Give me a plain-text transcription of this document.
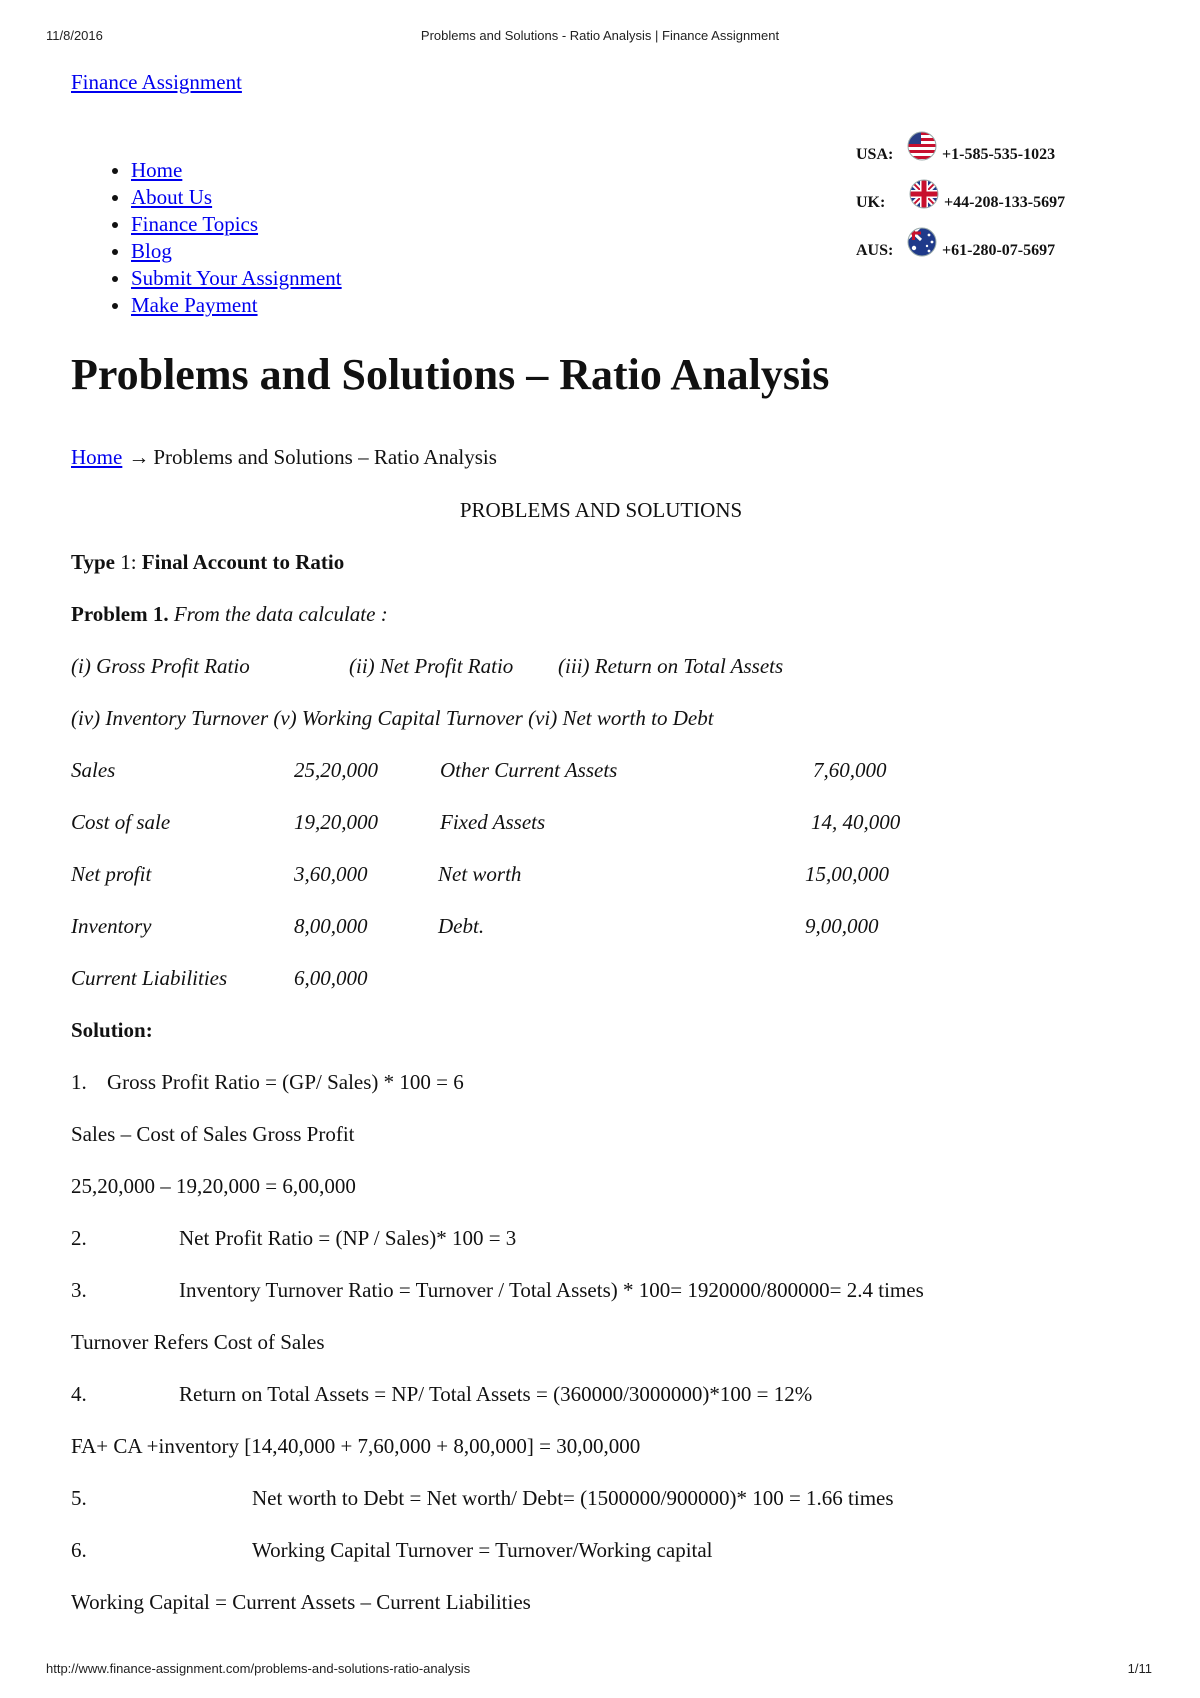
11/8/2016	Problems and Solutions - Ratio Analysis | Finance Assignment
Finance Assignment
• Home
• About Us
• Finance Topics
• Blog
• Submit Your Assignment
• Make Payment
USA:	+1-585-535-1023
UK:	+44-208-133-5697
AUS:	+61-280-07-5697
Problems and Solutions – Ratio Analysis
Home → Problems and Solutions – Ratio Analysis
PROBLEMS AND SOLUTIONS
Type 1: Final Account to Ratio
Problem 1. From the data calculate :
(i) Gross Profit Ratio	(ii) Net Profit Ratio (iii) Return on Total Assets
(iv) Inventory Turnover (v) Working Capital Turnover (vi) Net worth to Debt
Sales	25,20,000	Other Current Assets	7,60,000
Cost of sale	19,20,000	Fixed Assets	14, 40,000
Net profit	3,60,000	Net worth	15,00,000
Inventory	8,00,000	Debt.	9,00,000
Current Liabilities	6,00,000
Solution:
1. Gross Profit Ratio = (GP/ Sales) * 100 = 6
Sales – Cost of Sales Gross Profit
25,20,000 – 19,20,000 = 6,00,000
2.	Net Profit Ratio = (NP / Sales)* 100 = 3
3.	Inventory Turnover Ratio = Turnover / Total Assets) * 100= 1920000/800000= 2.4 times
Turnover Refers Cost of Sales
4.	Return on Total Assets = NP/ Total Assets = (360000/3000000)*100 = 12%
FA+ CA +inventory [14,40,000 + 7,60,000 + 8,00,000] = 30,00,000
5.	Net worth to Debt = Net worth/ Debt= (1500000/900000)* 100 = 1.66 times
6.	Working Capital Turnover = Turnover/Working capital
Working Capital = Current Assets – Current Liabilities
http://www.finance-assignment.com/problems-and-solutions-ratio-analysis	1/11
